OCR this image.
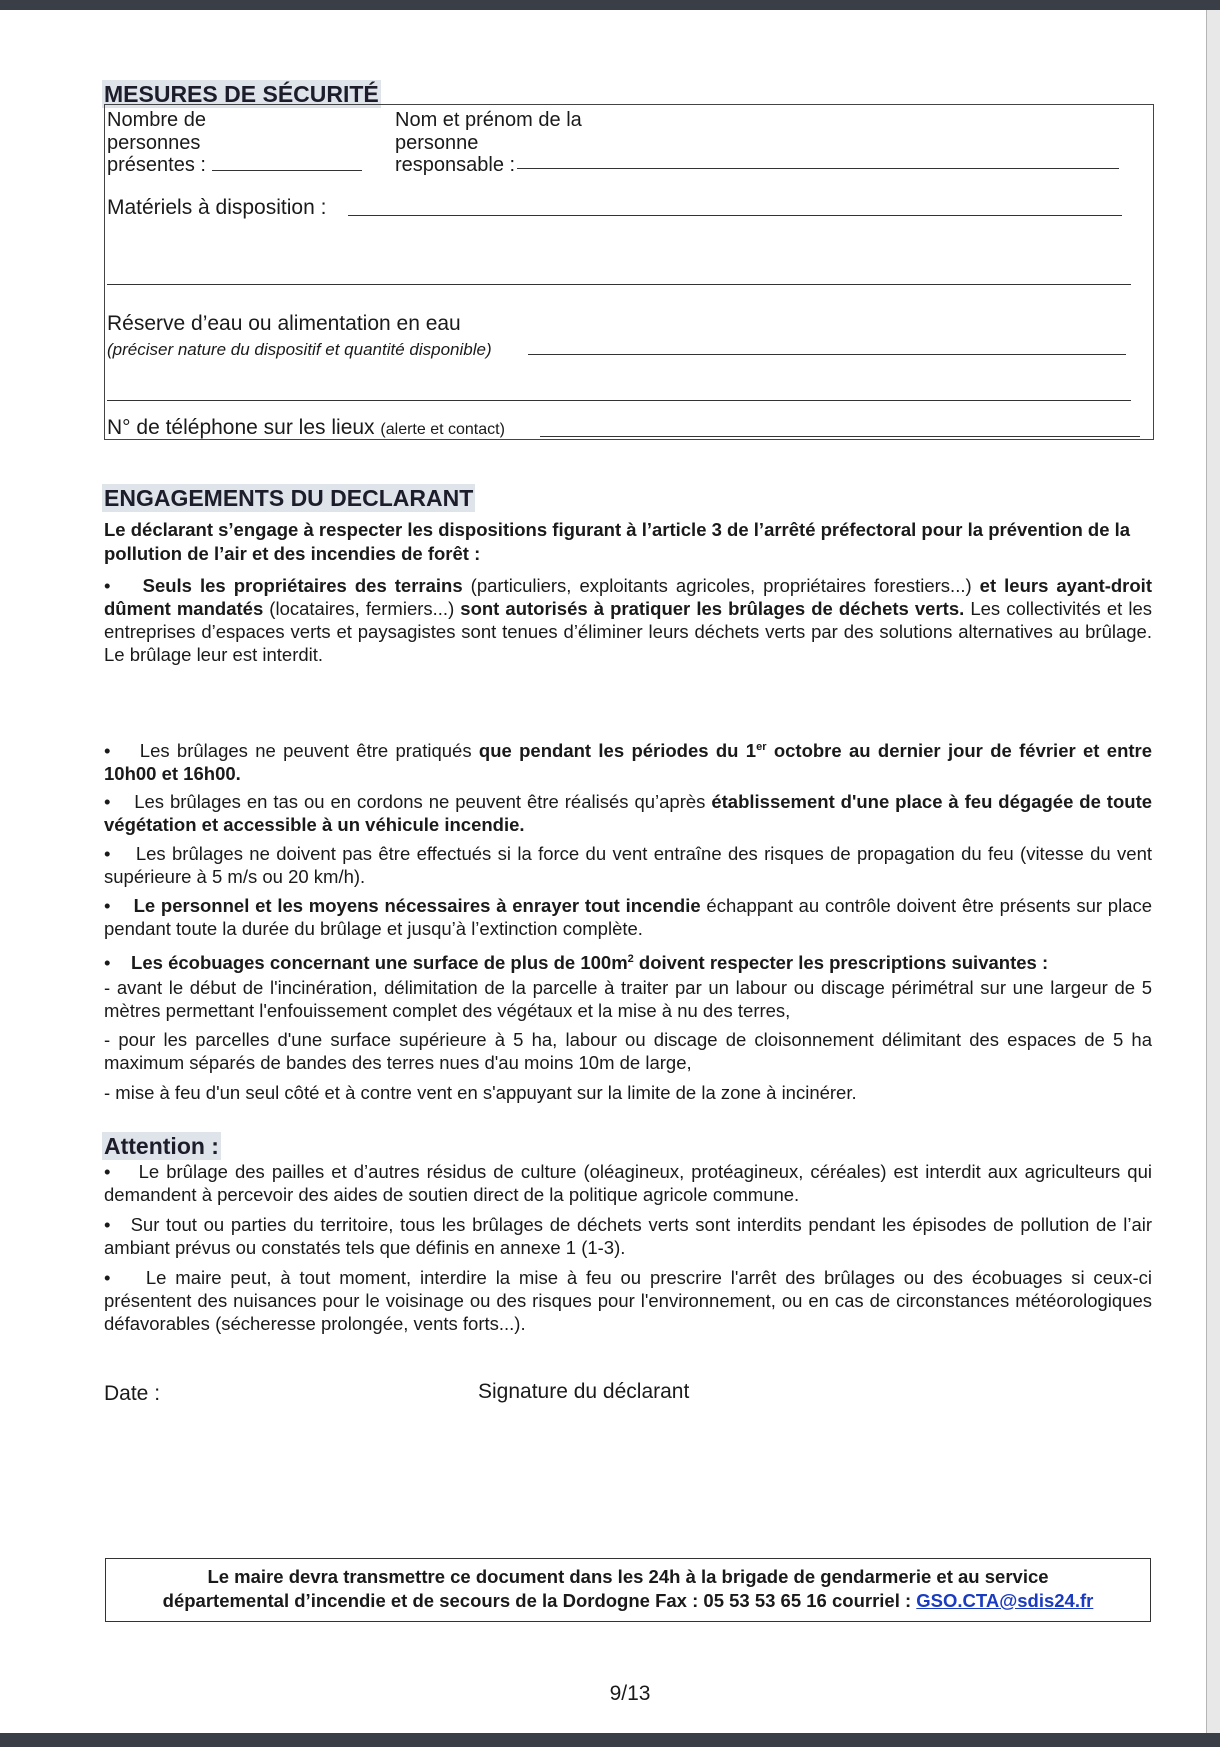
MESURES DE SÉCURITÉ
Nombre de
personnes
présentes :
Nom et prénom de la
personne
responsable :
Matériels à disposition :
Réserve d’eau ou alimentation en eau
(préciser nature du dispositif et quantité disponible)
N° de téléphone sur les lieux (alerte et contact)
ENGAGEMENTS DU DECLARANT

Le déclarant s’engage à respecter les dispositions figurant à l’article 3 de l’arrêté préfectoral pour la prévention de la pollution de l’air et des incendies de forêt :

• Seuls les propriétaires des terrains (particuliers, exploitants agricoles, propriétaires forestiers...) et leurs ayant-droit dûment mandatés (locataires, fermiers...) sont autorisés à pratiquer les brûlages de déchets verts. Les collectivités et les entreprises d’espaces verts et paysagistes sont tenues d’éliminer leurs déchets verts par des solutions alternatives au brûlage. Le brûlage leur est interdit.

• Les brûlages ne peuvent être pratiqués que pendant les périodes du 1er octobre au dernier jour de février et entre 10h00 et 16h00.

• Les brûlages en tas ou en cordons ne peuvent être réalisés qu’après établissement d'une place à feu dégagée de toute végétation et accessible à un véhicule incendie.

• Les brûlages ne doivent pas être effectués si la force du vent entraîne des risques de propagation du feu (vitesse du vent supérieure à 5 m/s ou 20 km/h).

• Le personnel et les moyens nécessaires à enrayer tout incendie échappant au contrôle doivent être présents sur place pendant toute la durée du brûlage et jusqu’à l’extinction complète.

• Les écobuages concernant une surface de plus de $100m^2$ doivent respecter les prescriptions suivantes :

- avant le début de l'incinération, délimitation de la parcelle à traiter par un labour ou discage périmétral sur une largeur de 5 mètres permettant l'enfouissement complet des végétaux et la mise à nu des terres,

- pour les parcelles d'une surface supérieure à 5 ha, labour ou discage de cloisonnement délimitant des espaces de 5 ha maximum séparés de bandes des terres nues d'au moins 10m de large,

- mise à feu d'un seul côté et à contre vent en s'appuyant sur la limite de la zone à incinérer.

Attention :

• Le brûlage des pailles et d’autres résidus de culture (oléagineux, protéagineux, céréales) est interdit aux agriculteurs qui demandent à percevoir des aides de soutien direct de la politique agricole commune.

• Sur tout ou parties du territoire, tous les brûlages de déchets verts sont interdits pendant les épisodes de pollution de l’air ambiant prévus ou constatés tels que définis en annexe 1 (1-3).

• Le maire peut, à tout moment, interdire la mise à feu ou prescrire l'arrêt des brûlages ou des écobuages si ceux-ci présentent des nuisances pour le voisinage ou des risques pour l'environnement, ou en cas de circonstances météorologiques défavorables (sécheresse prolongée, vents forts...).

Date :	Signature du déclarant
Le maire devra transmettre ce document dans les 24h à la brigade de gendarmerie et au service
départemental d’incendie et de secours de la Dordogne Fax : 05 53 53 65 16 courriel : GSO.CTA@sdis24.fr
9/13
